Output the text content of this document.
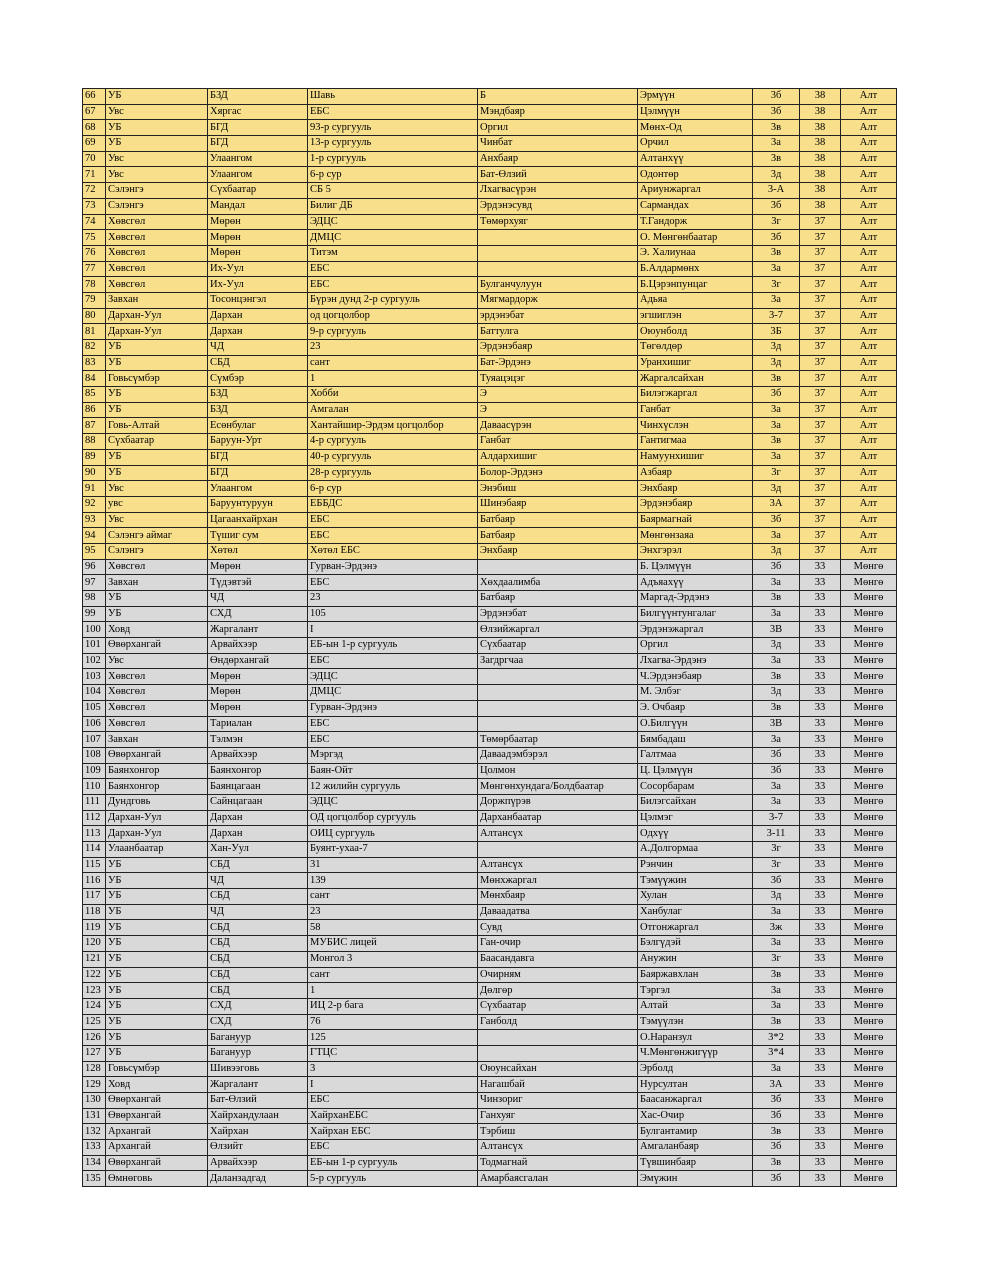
66	УБ	БЗД	Шавь	Б	Эрмүүн	3б	38	Алт
67	Увс	Хяргас	ЕБС	Мэндбаяр	Цэлмүүн	3б	38	Алт
68	УБ	БГД	93-р сургууль	Оргил	Мөнх-Од	3в	38	Алт
69	УБ	БГД	13-р сургууль	Чинбат	Орчил	3а	38	Алт
70	Увс	Улаангом	1-р сургууль	Анхбаяр	Алтанхүү	3в	38	Алт
71	Увс	Улаангом	6-р сур	Бат-Өлзий	Одонтөр	3д	38	Алт
72	Сэлэнгэ	Сүхбаатар	СБ 5	Лхагвасүрэн	Ариунжаргал	3-А	38	Алт
73	Сэлэнгэ	Мандал	Билиг ДБ	Эрдэнэсувд	Сармандах	3б	38	Алт
74	Хөвсгөл	Мөрөн	ЭДЦС	Төмөрхуяг	Т.Гандорж	3г	37	Алт
75	Хөвсгөл	Мөрөн	ДМЦС		О. Мөнгөнбаатар	3б	37	Алт
76	Хөвсгөл	Мөрөн	Титэм		Э. Халиунаа	3в	37	Алт
77	Хөвсгөл	Их-Уул	ЕБС		Б.Алдармөнх	3а	37	Алт
78	Хөвсгөл	Их-Уул	ЕБС	Булганчулуун	Б.Цэрэнпунцаг	3г	37	Алт
79	Завхан	Тосонцэнгэл	Бүрэн дунд 2-р сургууль	Мягмардорж	Адьяа	3а	37	Алт
80	Дархан-Уул	Дархан	од цогцолбор	эрдэнэбат	эгшиглэн	3-7	37	Алт
81	Дархан-Уул	Дархан	9-р сургууль	Баттулга	Оюунболд	3Б	37	Алт
82	УБ	ЧД	23	Эрдэнэбаяр	Төгөлдөр	3д	37	Алт
83	УБ	СБД	сант	Бат-Эрдэнэ	Уранхишиг	3д	37	Алт
84	Говьсүмбэр	Сүмбэр	1	Туяацэцэг	Жаргалсайхан	3в	37	Алт
85	УБ	БЗД	Хобби	Э	Билэгжаргал	3б	37	Алт
86	УБ	БЗД	Амгалан	Э	Ганбат	3а	37	Алт
87	Говь-Алтай	Есөнбулаг	Хантайшир-Эрдэм цогцолбор	Даваасүрэн	Чинхүслэн	3а	37	Алт
88	Сүхбаатар	Баруун-Урт	4-р сургууль	Ганбат	Гантигмаа	3в	37	Алт
89	УБ	БГД	40-р сургууль	Алдархишиг	Намуунхишиг	3а	37	Алт
90	УБ	БГД	28-р сургууль	Болор-Эрдэнэ	Азбаяр	3г	37	Алт
91	Увс	Улаангом	6-р сур	Энэбиш	Энхбаяр	3д	37	Алт
92	увс	Баруунтуруун	ЕББДС	Шинэбаяр	Эрдэнэбаяр	3А	37	Алт
93	Увс	Цагаанхайрхан	ЕБС	Батбаяр	Баярмагнай	3б	37	Алт
94	Сэлэнгэ аймаг	Түшиг сум	ЕБС	Батбаяр	Мөнгөнзаяа	3а	37	Алт
95	Сэлэнгэ	Хөтөл	Хөтөл ЕБС	Энхбаяр	Энхгэрэл	3д	37	Алт
96	Хөвсгөл	Мөрөн	Гурван-Эрдэнэ		Б. Цэлмүүн	3б	33	Мөнгө
97	Завхан	Түдэвтэй	ЕБС	Хөхдаалимба	Адъяахүү	3а	33	Мөнгө
98	УБ	ЧД	23	Батбаяр	Маргад-Эрдэнэ	3в	33	Мөнгө
99	УБ	СХД	105	Эрдэнэбат	Билгүүнтунгалаг	3а	33	Мөнгө
100	Ховд	Жаргалант	I	Өлзийжаргал	Эрдэнэжаргал	3В	33	Мөнгө
101	Өвөрхангай	Арвайхээр	ЕБ-ын 1-р сургууль	Сүхбаатар	Оргил	3д	33	Мөнгө
102	Увс	Өндөрхангай	ЕБС	Загдргчаа	Лхагва-Эрдэнэ	3а	33	Мөнгө
103	Хөвсгөл	Мөрөн	ЭДЦС		Ч.Эрдэнэбаяр	3в	33	Мөнгө
104	Хөвсгөл	Мөрөн	ДМЦС		М. Элбэг	3д	33	Мөнгө
105	Хөвсгөл	Мөрөн	Гурван-Эрдэнэ		Э. Очбаяр	3в	33	Мөнгө
106	Хөвсгөл	Тариалан	ЕБС		О.Билгүүн	3В	33	Мөнгө
107	Завхан	Тэлмэн	ЕБС	Төмөрбаатар	Бямбадаш	3а	33	Мөнгө
108	Өвөрхангай	Арвайхээр	Мэргэд	Даваадэмбэрэл	Галтмаа	3б	33	Мөнгө
109	Баянхонгор	Баянхонгор	Баян-Ойт	Цолмон	Ц. Цэлмүүн	3б	33	Мөнгө
110	Баянхонгор	Баянцагаан	12 жилийн сургууль	Мөнгөнхундага/Болдбаатар	Сосорбарам	3а	33	Мөнгө
111	Дундговь	Сайнцагаан	ЭДЦС	Доржпүрэв	Билэгсайхан	3а	33	Мөнгө
112	Дархан-Уул	Дархан	ОД цогцолбор сургууль	Дарханбаатар	Цэлмэг	3-7	33	Мөнгө
113	Дархан-Уул	Дархан	ОИЦ сургууль	Алтансүх	Одхүү	3-11	33	Мөнгө
114	Улаанбаатар	Хан-Уул	Буянт-ухаа-7		А.Долгормаа	3г	33	Мөнгө
115	УБ	СБД	31	Алтансүх	Рэнчин	3г	33	Мөнгө
116	УБ	ЧД	139	Мөнхжаргал	Тэмүүжин	3б	33	Мөнгө
117	УБ	СБД	сант	Мөнхбаяр	Хулан	3д	33	Мөнгө
118	УБ	ЧД	23	Даваадатва	Ханбулаг	3а	33	Мөнгө
119	УБ	СБД	58	Сувд	Отгонжаргал	3ж	33	Мөнгө
120	УБ	СБД	МУБИС лицей	Ган-очир	Бэлгүдэй	3а	33	Мөнгө
121	УБ	СБД	Монгол 3	Баасандавга	Анужин	3г	33	Мөнгө
122	УБ	СБД	сант	Очирням	Баяржавхлан	3в	33	Мөнгө
123	УБ	СБД	1	Дөлгөр	Тэргэл	3а	33	Мөнгө
124	УБ	СХД	ИЦ 2-р бага	Сүхбаатар	Алтай	3а	33	Мөнгө
125	УБ	СХД	76	Ганболд	Тэмүүлэн	3в	33	Мөнгө
126	УБ	Багануур	125		О.Наранзул	3*2	33	Мөнгө
127	УБ	Багануур	ГТЦС		Ч.Мөнгөнжигүүр	3*4	33	Мөнгө
128	Говьсүмбэр	Шивээговь	3	Оюунсайхан	Эрболд	3а	33	Мөнгө
129	Ховд	Жаргалант	I	Нагашбай	Нурсултан	3А	33	Мөнгө
130	Өвөрхангай	Бат-Өлзий	ЕБС	Чинзориг	Баасанжаргал	3б	33	Мөнгө
131	Өвөрхангай	Хайрхандулаан	ХайрханЕБС	Ганхуяг	Хас-Очир	3б	33	Мөнгө
132	Архангай	Хайрхан	Хайрхан ЕБС	Тэрбиш	Булгантамир	3в	33	Мөнгө
133	Архангай	Өлзийт	ЕБС	Алтансүх	Амгаланбаяр	3б	33	Мөнгө
134	Өвөрхангай	Арвайхээр	ЕБ-ын 1-р сургууль	Тодмагнай	Түвшинбаяр	3в	33	Мөнгө
135	Өмнөговь	Даланзадгад	5-р сургууль	Амарбаясгалан	Эмүжин	3б	33	Мөнгө
